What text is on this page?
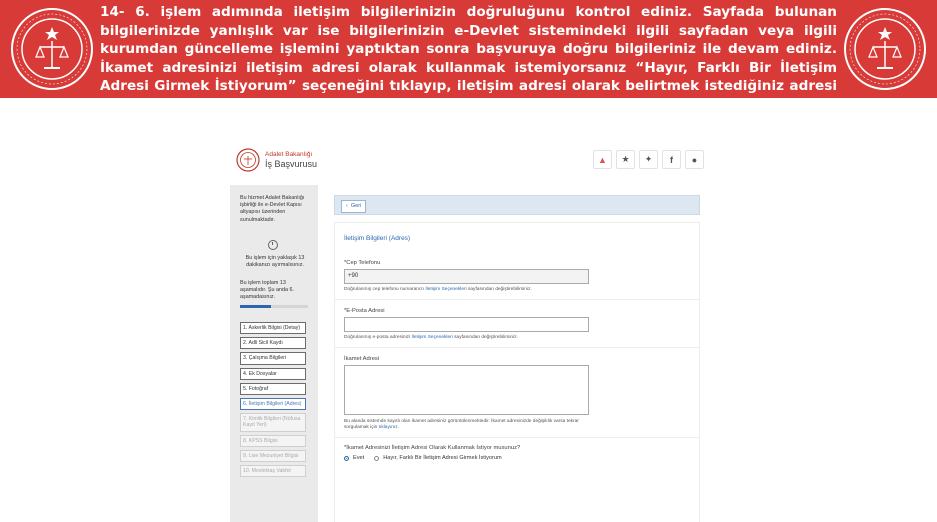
14- 6. işlem adımında iletişim bilgilerinizin doğruluğunu kontrol ediniz. Sayfada bulunan bilgilerinizde yanlışlık var ise bilgilerinizin e-Devlet sistemindeki ilgili sayfadan veya ilgili kurumdan güncelleme işlemini yaptıktan sonra başvuruya doğru bilgileriniz ile devam ediniz. İkamet adresinizi iletişim adresi olarak kullanmak istemiyorsanız “Hayır, Farklı Bir İletişim Adresi Girmek İstiyorum” seçeneğini tıklayıp, iletişim adresi olarak belirtmek istediğiniz adresi giriniz.
Adalet Bakanlığı
İş Başvurusu	▲	★	✦	f	●
Bu hizmet Adalet Bakanlığı işbirliği ile e-Devlet Kapısı altyapısı üzerinden sunulmaktadır.
Bu işlem için yaklaşık 13 dakikanızı ayırmalısınız.
Bu işlem toplam 13 aşamalıdır. Şu anda 6. aşamadasınız.
1. Askerlik Bilgisi (Detay)
2. Adli Sicil Kaydı
3. Çalışma Bilgileri
4. Ek Dosyalar
5. Fotoğraf
6. İletişim Bilgileri (Adres)
7. Kimlik Bilgileri (Nüfusa Kayıt Yeri)
8. KPSS Bilgisi
9. Lise Mezuniyet Bilgisi
10. Meslektaş Vakfet
‹ Geri
İletişim Bilgileri (Adres)
*Cep Telefonu
+90
Doğrulanmış cep telefonu numaranızı İletişim Seçenekleri sayfasından değiştirebilirsiniz.
*E-Posta Adresi
Doğrulanmış e-posta adresinizi İletişim Seçenekleri sayfasından değiştirebilirsiniz.
İkamet Adresi
Bu alanda sistemde kayıtlı olan ikamet adresiniz görüntülenmektedir. İkamet adresinizde değişiklik varsa tekrar sorgulamak için tıklayınız.
*İkamet Adresinizi İletişim Adresi Olarak Kullanmak İstiyor musunuz?
Evet	Hayır, Farklı Bir İletişim Adresi Girmek İstiyorum
